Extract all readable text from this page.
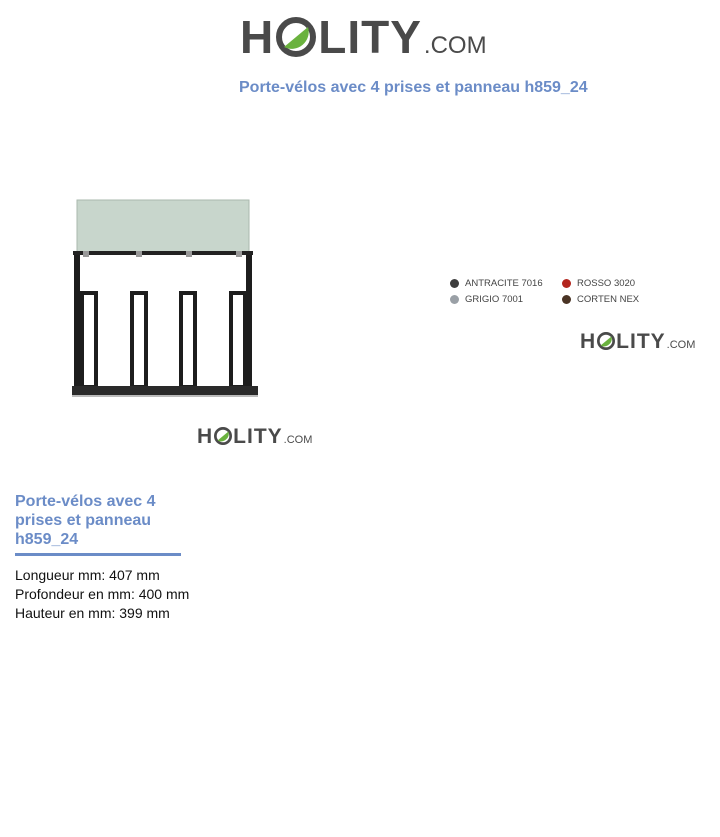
H LITY .COM
Porte-vélos avec 4 prises et panneau h859_24
H LITY .COM
ANTRACITE 7016	ROSSO 3020
GRIGIO 7001	CORTEN NEX
H LITY .COM
Porte-vélos avec 4 prises et panneau h859_24
Longueur mm: 407 mm
Profondeur en mm: 400 mm
Hauteur en mm: 399 mm
